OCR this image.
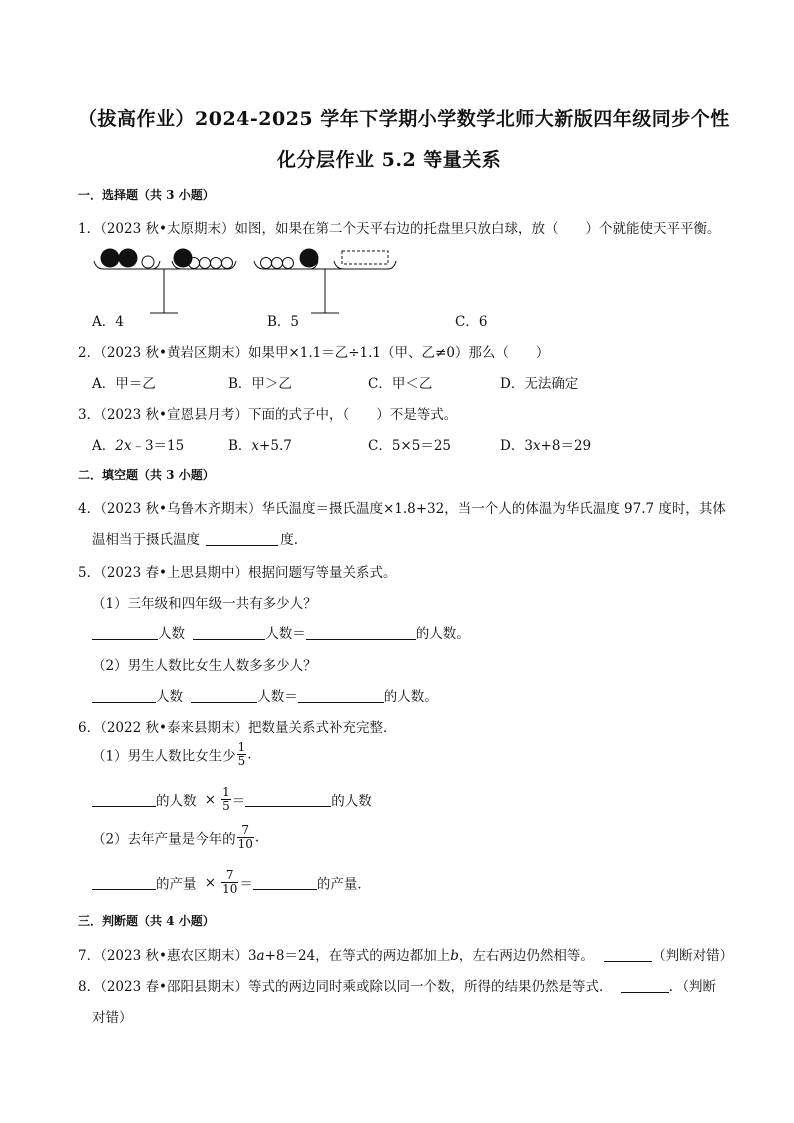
（拔高作业）2024-2025 学年下学期小学数学北师大新版四年级同步个性
化分层作业 5.2 等量关系
一．选择题（共 3 小题）
1．（2023 秋•太原期末）如图，如果在第二个天平右边的托盘里只放白球，放（　　）个就能使天平平衡。
A．4	B．5	C．6
2．（2023 秋•黄岩区期末）如果甲×1.1＝乙÷1.1（甲、乙≠0）那么（　　）
A．甲＝乙	B．甲＞乙	C．甲＜乙	D．无法确定
3．（2023 秋•宣恩县月考）下面的式子中，（　　）不是等式。
A．2x﹣3＝15	B．x+5.7	C．5×5＝25	D．3x+8＝29
二．填空题（共 3 小题）
4．（2023 秋•乌鲁木齐期末）华氏温度＝摄氏温度×1.8+32，当一个人的体温为华氏温度 97.7 度时，其体
温相当于摄氏温度	度.
5．（2023 春•上思县期中）根据问题写等量关系式。
（1）三年级和四年级一共有多少人？
人数	人数＝	的人数。
（2）男生人数比女生人数多多少人？
人数	人数＝	的人数。
6．（2022 秋•泰来县期末）把数量关系式补充完整．
（1）男生人数比女生少 $\frac{1}{5}$ .
的人数 × $\frac{1}{5}$ ＝	的人数
（2）去年产量是今年的 $\frac{7}{10}$ .
的产量 × $\frac{7}{10}$ ＝	的产量．
三．判断题（共 4 小题）
7．（2023 秋•惠农区期末）3a+8＝24，在等式的两边都加上b，左右两边仍然相等。	（判断对错）
8．（2023 春•邵阳县期末）等式的两边同时乘或除以同一个数，所得的结果仍然是等式．	．（判断
对错）
